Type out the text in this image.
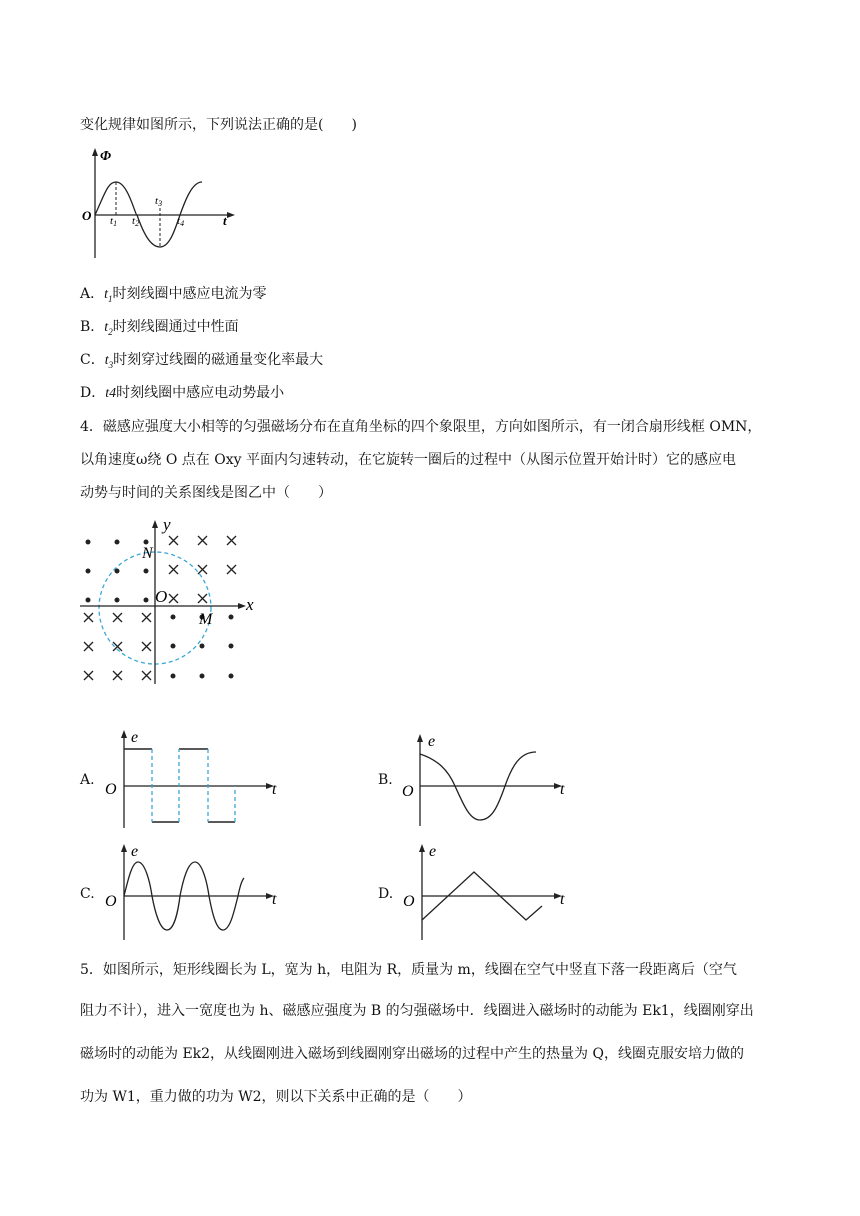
变化规律如图所示，下列说法正确的是(　　)
Φ
O	t
t1 t2
t3
t4
A．$t_1$时刻线圈中感应电流为零
B．$t_2$时刻线圈通过中性面
C．$t_3$时刻穿过线圈的磁通量变化率最大
D．t4时刻线圈中感应电动势最小
4．磁感应强度大小相等的匀强磁场分布在直角坐标的四个象限里，方向如图所示，有一闭合扇形线框 OMN，
以角速度ω绕 O 点在 Oxy 平面内匀速转动，在它旋转一圈后的过程中（从图示位置开始计时）它的感应电
动势与时间的关系图线是图乙中（　　）
y
x
O
N
M
A.
e
O	t
B.
e
O	t
C.
e
O	t	D.
e
O	t
5．如图所示，矩形线圈长为 L，宽为 h，电阻为 R，质量为 m，线圈在空气中竖直下落一段距离后（空气
阻力不计），进入一宽度也为 h、磁感应强度为 B 的匀强磁场中．线圈进入磁场时的动能为 Ek1，线圈刚穿出
磁场时的动能为 Ek2，从线圈刚进入磁场到线圈刚穿出磁场的过程中产生的热量为 Q，线圈克服安培力做的
功为 W1，重力做的功为 W2，则以下关系中正确的是（　　）
